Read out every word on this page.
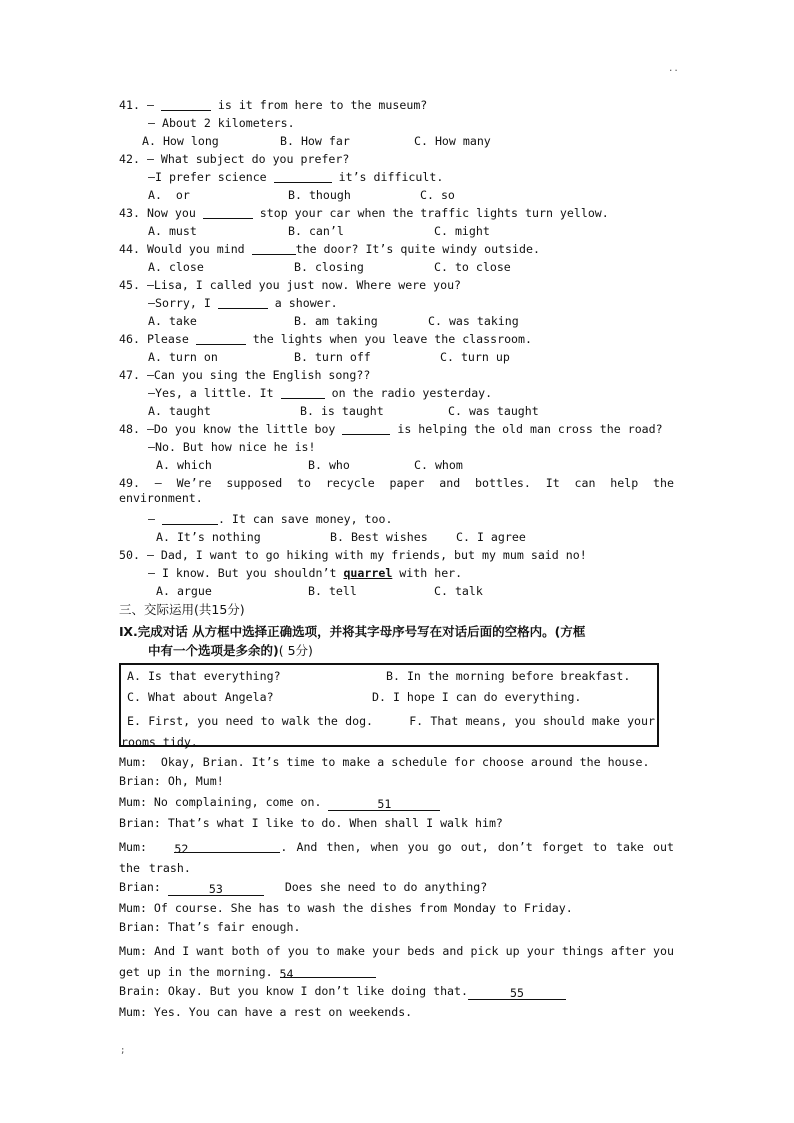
..
41. —	is it from here to the museum?
— About 2 kilometers.
A. How long	B. How far	C. How many
42. — What subject do you prefer?
—I prefer science	it’s difficult.
A.  or	B. though	C. so
43. Now you	stop your car when the traffic lights turn yellow.
A. must	B. can’l	C. might
44. Would you mind	the door? It’s quite windy outside.
A. close	B. closing	C. to close
45. —Lisa, I called you just now. Where were you?
—Sorry, I	a shower.
A. take	B. am taking	C. was taking
46. Please	the lights when you leave the classroom.
A. turn on	B. turn off	C. turn up
47. —Can you sing the English song??
—Yes, a little. It	on the radio yesterday.
A. taught	B. is taught	C. was taught
48. —Do you know the little boy	is helping the old man cross the road?
—No. But how nice he is!
A. which	B. who	C. whom
49. — We’re supposed to recycle paper and bottles. It can help the environment.
—	. It can save money, too.
A. It’s nothing	B. Best wishes C. I agree
50. — Dad, I want to go hiking with my friends, but my mum said no!
— I know. But you shouldn’t quarrel with her.
A. argue	B. tell	C. talk
三、交际运用(共15分)
Ⅸ.完成对话 从方框中选择正确选项，并将其字母序号写在对话后面的空格内。(方框
中有一个选项是多余的)( 5分)
A. Is that everything?	B. In the morning before breakfast.
C. What about Angela?	D. I hope I can do everything.
E. First, you need to walk the dog.	F. That means, you should make your rooms tidy.
Mum:  Okay, Brian. It’s time to make a schedule for choose around the house.
Brian: Oh, Mum!
Mum: No complaining, come on.	51
Brian: That’s what I like to do. When shall I walk him?
Mum:   52	. And then, when you go out, don’t forget to take out the trash.
Brian:	53	Does she need to do anything?
Mum: Of course. She has to wash the dishes from Monday to Friday.
Brian: That’s fair enough.
Mum: And I want both of you to make your beds and pick up your things after you get up in the morning. 54
Brain: Okay. But you know I don’t like doing that.	55
Mum: Yes. You can have a rest on weekends.
;
